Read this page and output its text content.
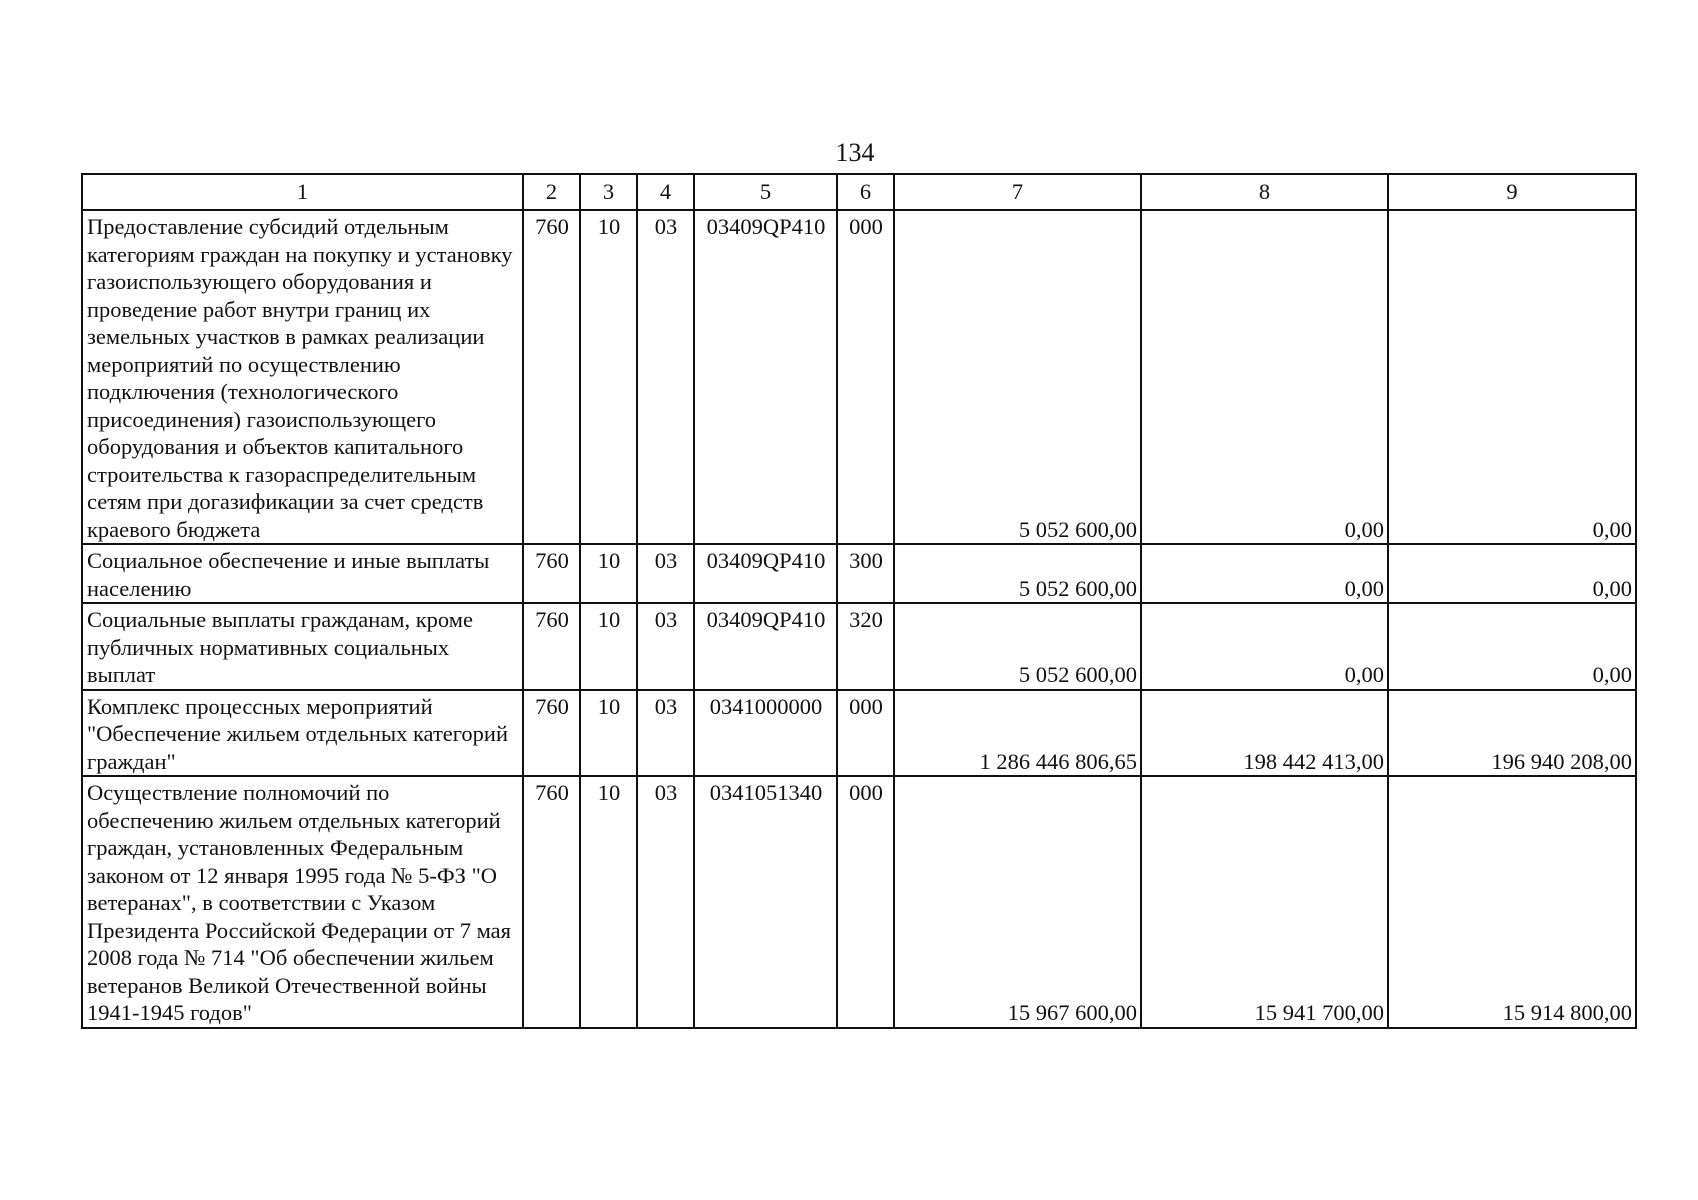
134
1	2	3	4	5	6	7	8	9
Предоставление субсидий отдельным категориям граждан на покупку и установку газоиспользующего оборудования и проведение работ внутри границ их земельных участков в рамках реализации мероприятий по осуществлению подключения (технологического присоединения) газоиспользующего оборудования и объектов капитального строительства к газораспределительным сетям при догазификации за счет средств краевого бюджета	760	10	03	03409QP410	000	5 052 600,00	0,00	0,00
Социальное обеспечение и иные выплаты населению	760	10	03	03409QP410	300	5 052 600,00	0,00	0,00
Социальные выплаты гражданам, кроме публичных нормативных социальных выплат	760	10	03	03409QP410	320	5 052 600,00	0,00	0,00
Комплекс процессных мероприятий "Обеспечение жильем отдельных категорий граждан"	760	10	03	0341000000	000	1 286 446 806,65	198 442 413,00	196 940 208,00
Осуществление полномочий по обеспечению жильем отдельных категорий граждан, установленных Федеральным законом от 12 января 1995 года № 5-ФЗ "О ветеранах", в соответствии с Указом Президента Российской Федерации от 7 мая 2008 года № 714 "Об обеспечении жильем ветеранов Великой Отечественной войны 1941-1945 годов"	760	10	03	0341051340	000	15 967 600,00	15 941 700,00	15 914 800,00
